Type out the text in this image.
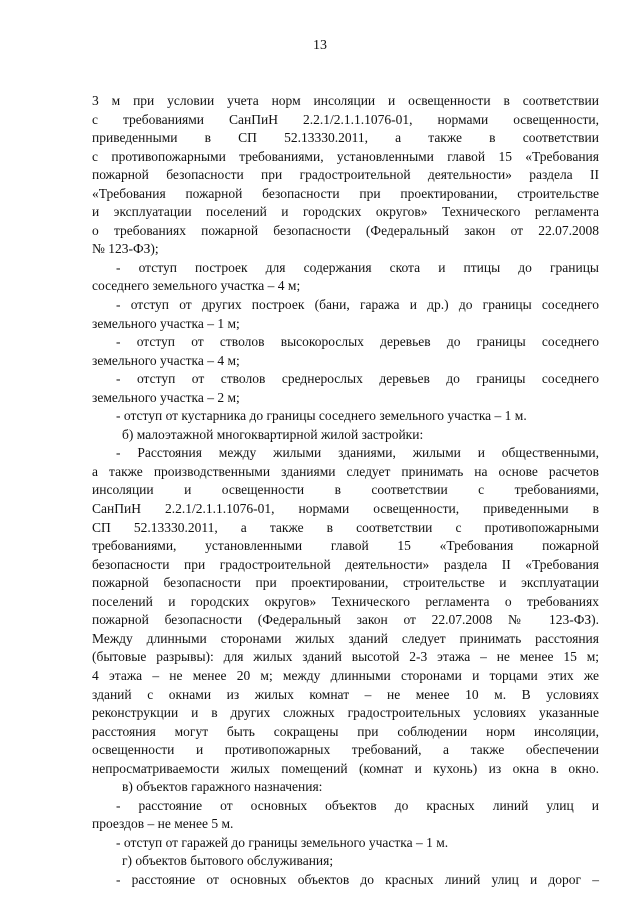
13
3 м при условии учета норм инсоляции и освещенности в соответствии
с требованиями СанПиН 2.2.1/2.1.1.1076-01, нормами освещенности,
приведенными в СП 52.13330.2011, а также в соответствии
с противопожарными требованиями, установленными главой 15 «Требования
пожарной безопасности при градостроительной деятельности» раздела II
«Требования пожарной безопасности при проектировании, строительстве
и эксплуатации поселений и городских округов» Технического регламента
о требованиях пожарной безопасности (Федеральный закон от 22.07.2008
№ 123-ФЗ);
- отступ построек для содержания скота и птицы до границы
соседнего земельного участка – 4 м;
- отступ от других построек (бани, гаража и др.) до границы соседнего
земельного участка – 1 м;
- отступ от стволов высокорослых деревьев до границы соседнего
земельного участка – 4 м;
- отступ от стволов среднерослых деревьев до границы соседнего
земельного участка – 2 м;
- отступ от кустарника до границы соседнего земельного участка – 1 м.
б) малоэтажной многоквартирной жилой застройки:
- Расстояния между жилыми зданиями, жилыми и общественными,
а также производственными зданиями следует принимать на основе расчетов
инсоляции и освещенности в соответствии с требованиями,
СанПиН 2.2.1/2.1.1.1076-01, нормами освещенности, приведенными в
СП 52.13330.2011, а также в соответствии с противопожарными
требованиями, установленными главой 15 «Требования пожарной
безопасности при градостроительной деятельности» раздела II «Требования
пожарной безопасности при проектировании, строительстве и эксплуатации
поселений и городских округов» Технического регламента о требованиях
пожарной безопасности (Федеральный закон от 22.07.2008 № 123-ФЗ).
Между длинными сторонами жилых зданий следует принимать расстояния
(бытовые разрывы): для жилых зданий высотой 2-3 этажа – не менее 15 м;
4 этажа – не менее 20 м; между длинными сторонами и торцами этих же
зданий с окнами из жилых комнат – не менее 10 м. В условиях
реконструкции и в других сложных градостроительных условиях указанные
расстояния могут быть сокращены при соблюдении норм инсоляции,
освещенности и противопожарных требований, а также обеспечении
непросматриваемости жилых помещений (комнат и кухонь) из окна в окно.
в) объектов гаражного назначения:
- расстояние от основных объектов до красных линий улиц и
проездов – не менее 5 м.
- отступ от гаражей до границы земельного участка – 1 м.
г) объектов бытового обслуживания;
- расстояние от основных объектов до красных линий улиц и дорог –
